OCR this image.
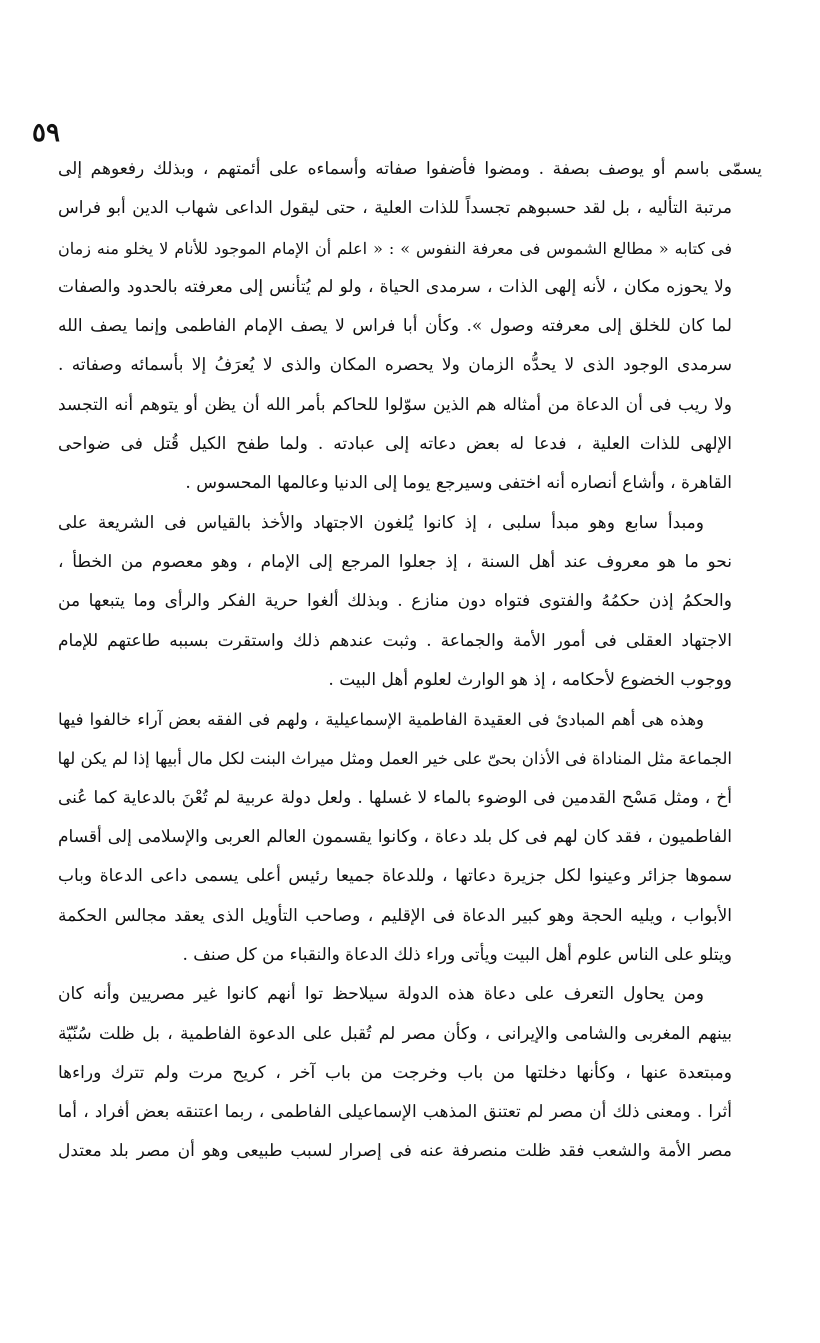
٥٩
يسمّى باسم أو يوصف بصفة . ومضوا فأضفوا صفاته وأسماءه على أئمتهم ، وبذلك رفعوهم إلى
مرتبة التأليه ، بل لقد حسبوهم تجسداً للذات العلية ، حتى ليقول الداعى شهاب الدين أبو فراس
فى كتابه « مطالع الشموس فى معرفة النفوس » : « اعلم أن الإمام الموجود للأنام لا يخلو منه زمان
ولا يحوزه مكان ، لأنه إلهى الذات ، سرمدى الحياة ، ولو لم يُتأنس إلى معرفته بالحدود والصفات
لما كان للخلق إلى معرفته وصول ». وكأن أبا فراس لا يصف الإمام الفاطمى وإنما يصف الله
سرمدى الوجود الذى لا يحدُّه الزمان ولا يحصره المكان والذى لا يُعرَفُ إلا بأسمائه وصفاته .
ولا ريب فى أن الدعاة من أمثاله هم الذين سوّلوا للحاكم بأمر الله أن يظن أو يتوهم أنه التجسد
الإلهى للذات العلية ، فدعا له بعض دعاته إلى عبادته . ولما طفح الكيل قُتل فى ضواحى
القاهرة ، وأشاع أنصاره أنه اختفى وسيرجع يوما إلى الدنيا وعالمها المحسوس .
ومبدأ سابع وهو مبدأ سلبى ، إذ كانوا يُلغون الاجتهاد والأخذ بالقياس فى الشريعة على
نحو ما هو معروف عند أهل السنة ، إذ جعلوا المرجع إلى الإمام ، وهو معصوم من الخطأ ،
والحكمُ إذن حكمُهُ والفتوى فتواه دون منازع . وبذلك ألغوا حرية الفكر والرأى وما يتبعها من
الاجتهاد العقلى فى أمور الأمة والجماعة . وثبت عندهم ذلك واستقرت بسببه طاعتهم للإمام
ووجوب الخضوع لأحكامه ، إذ هو الوارث لعلوم أهل البيت .
وهذه هى أهم المبادئ فى العقيدة الفاطمية الإسماعيلية ، ولهم فى الفقه بعض آراء خالفوا فيها
الجماعة مثل المناداة فى الأذان بحىّ على خير العمل ومثل ميراث البنت لكل مال أبيها إذا لم يكن لها
أخ ، ومثل مَسْح القدمين فى الوضوء بالماء لا غسلها . ولعل دولة عربية لم تُعْنَ بالدعاية كما عُنى
الفاطميون ، فقد كان لهم فى كل بلد دعاة ، وكانوا يقسمون العالم العربى والإسلامى إلى أقسام
سموها جزائر وعينوا لكل جزيرة دعاتها ، وللدعاة جميعا رئيس أعلى يسمى داعى الدعاة وباب
الأبواب ، ويليه الحجة وهو كبير الدعاة فى الإقليم ، وصاحب التأويل الذى يعقد مجالس الحكمة
ويتلو على الناس علوم أهل البيت ويأتى وراء ذلك الدعاة والنقباء من كل صنف .
ومن يحاول التعرف على دعاة هذه الدولة سيلاحظ توا أنهم كانوا غير مصريين وأنه كان
بينهم المغربى والشامى والإيرانى ، وكأن مصر لم تُقبل على الدعوة الفاطمية ، بل ظلت سُنّيّة
ومبتعدة عنها ، وكأنها دخلتها من باب وخرجت من باب آخر ، كريح مرت ولم تترك وراءها
أثرا . ومعنى ذلك أن مصر لم تعتنق المذهب الإسماعيلى الفاطمى ، ربما اعتنقه بعض أفراد ، أما
مصر الأمة والشعب فقد ظلت منصرفة عنه فى إصرار لسبب طبيعى وهو أن مصر بلد معتدل
